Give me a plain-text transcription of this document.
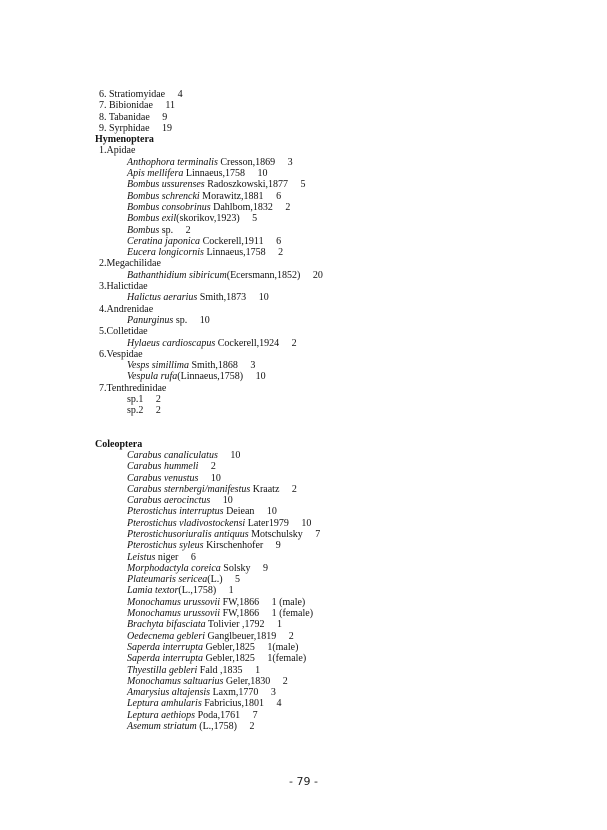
6. Stratiomyidae 4
7. Bibionidae 11
8. Tabanidae 9
9. Syrphidae 19
Hymenoptera
1.Apidae
Anthophora terminalis Cresson,1869 3
Apis mellifera Linnaeus,1758 10
Bombus ussurenses Radoszkowski,1877 5
Bombus schrencki Morawitz,1881 6
Bombus consobrinus Dahlbom,1832 2
Bombus exil(skorikov,1923) 5
Bombus sp. 2
Ceratina japonica Cockerell,1911 6
Eucera longicornis Linnaeus,1758 2
2.Megachilidae
Bathanthidium sibiricum(Ecersmann,1852) 20
3.Halictidae
Halictus aerarius Smith,1873 10
4.Andrenidae
Panurginus sp. 10
5.Colletidae
Hylaeus cardioscapus Cockerell,1924 2
6.Vespidae
Vesps simillima Smith,1868 3
Vespula rufa(Linnaeus,1758) 10
7.Tenthredinidae
sp.1 2
sp.2 2
Coleoptera
Carabus canaliculatus 10
Carabus hummeli 2
Carabus venustus 10
Carabus sternbergi/manifestus Kraatz 2
Carabus aerocinctus 10
Pterostichus interruptus Deiean 10
Pterostichus vladivostockensi Later1979 10
Pterostichusoriuralis antiquus Motschulsky 7
Pterostichus syleus Kirschenhofer 9
Leistus niger 6
Morphodactyla coreica Solsky 9
Plateumaris sericea(L.) 5
Lamia textor(L.,1758) 1
Monochamus urussovii FW,1866 1 (male)
Monochamus urussovii FW,1866 1 (female)
Brachyta bifasciata Tolivier ,1792 1
Oedecnema gebleri Ganglbeuer,1819 2
Saperda interrupta Gebler,1825 1(male)
Saperda interrupta Gebler,1825 1(female)
Thyestilla gebleri Fald ,1835 1
Monochamus saltuarius Geler,1830 2
Amarysius altajensis Laxm,1770 3
Leptura amhularis Fabricius,1801 4
Leptura aethiops Poda,1761 7
Asemum striatum (L.,1758) 2
- 79 -
